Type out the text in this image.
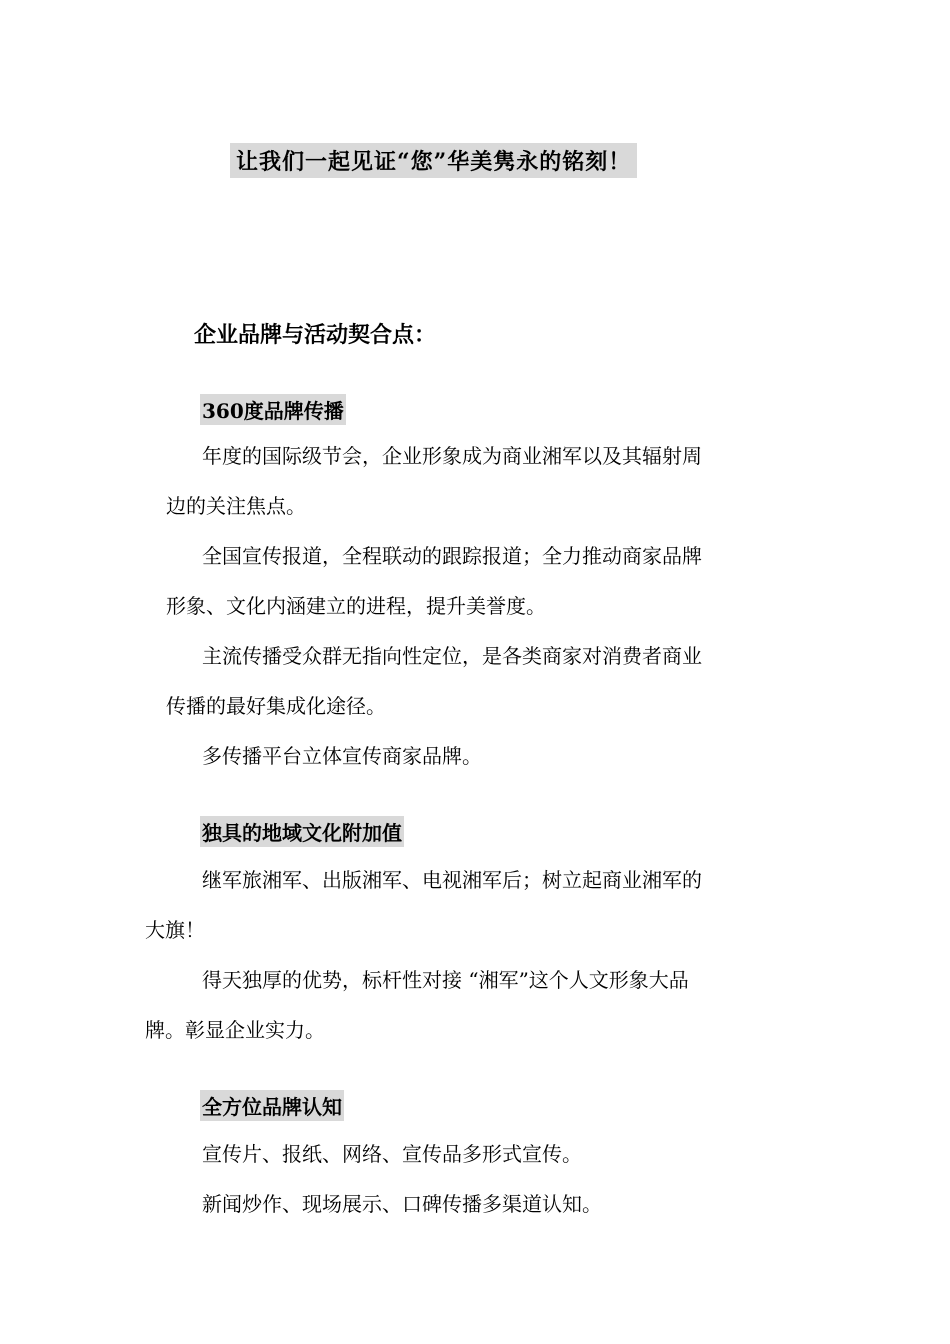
让我们一起见证“您”华美隽永的铭刻！
企业品牌与活动契合点：
360度品牌传播
年度的国际级节会，企业形象成为商业湘军以及其辐射周
边的关注焦点。
全国宣传报道，全程联动的跟踪报道；全力推动商家品牌
形象、文化内涵建立的进程，提升美誉度。
主流传播受众群无指向性定位，是各类商家对消费者商业
传播的最好集成化途径。
多传播平台立体宣传商家品牌。
独具的地域文化附加值
继军旅湘军、出版湘军、电视湘军后；树立起商业湘军的
大旗！
得天独厚的优势，标杆性对接 “湘军”这个人文形象大品
牌。彰显企业实力。
全方位品牌认知
宣传片、报纸、网络、宣传品多形式宣传。
新闻炒作、现场展示、口碑传播多渠道认知。
